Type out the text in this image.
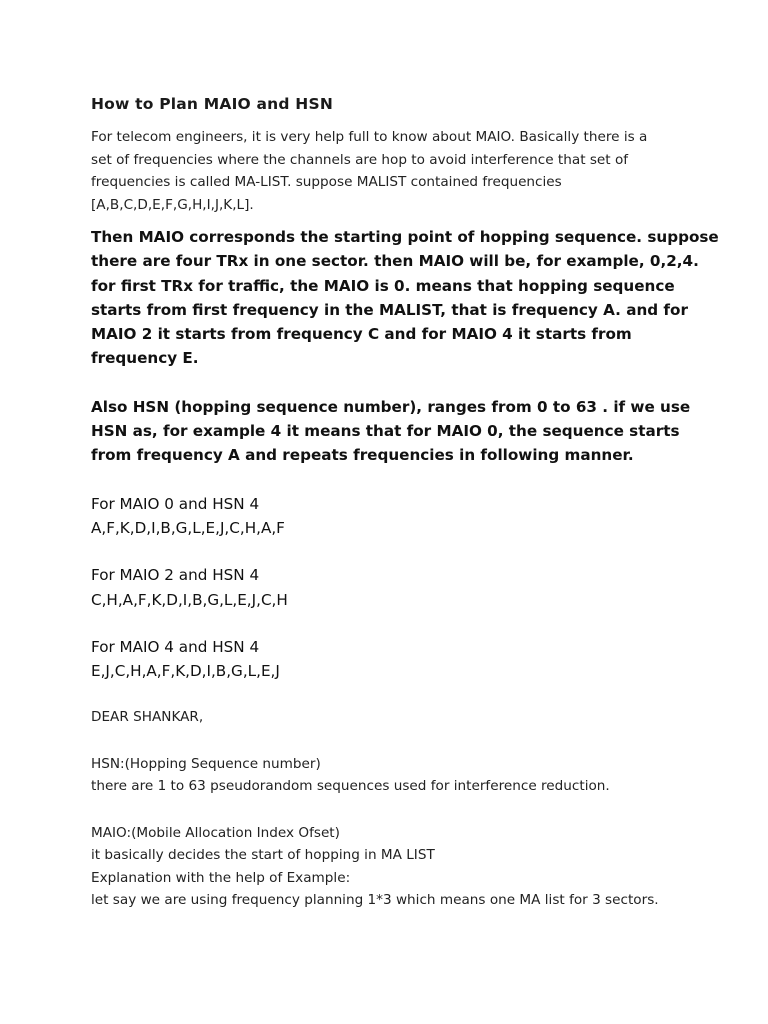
How to Plan MAIO and HSN

For telecom engineers, it is very help full to know about MAIO. Basically there is a
set of frequencies where the channels are hop to avoid interference that set of
frequencies is called MA-LIST. suppose MALIST contained frequencies
[A,B,C,D,E,F,G,H,I,J,K,L].

Then MAIO corresponds the starting point of hopping sequence. suppose
there are four TRx in one sector. then MAIO will be, for example, 0,2,4.
for first TRx for traffic, the MAIO is 0. means that hopping sequence
starts from first frequency in the MALIST, that is frequency A. and for
MAIO 2 it starts from frequency C and for MAIO 4 it starts from
frequency E.

Also HSN (hopping sequence number), ranges from 0 to 63 . if we use
HSN as, for example 4 it means that for MAIO 0, the sequence starts
from frequency A and repeats frequencies in following manner.

For MAIO 0 and HSN 4
A,F,K,D,I,B,G,L,E,J,C,H,A,F

For MAIO 2 and HSN 4
C,H,A,F,K,D,I,B,G,L,E,J,C,H

For MAIO 4 and HSN 4
E,J,C,H,A,F,K,D,I,B,G,L,E,J

DEAR SHANKAR,

HSN:(Hopping Sequence number)
there are 1 to 63 pseudorandom sequences used for interference reduction.

MAIO:(Mobile Allocation Index Ofset)
it basically decides the start of hopping in MA LIST
Explanation with the help of Example:
let say we are using frequency planning 1*3 which means one MA list for 3 sectors.
